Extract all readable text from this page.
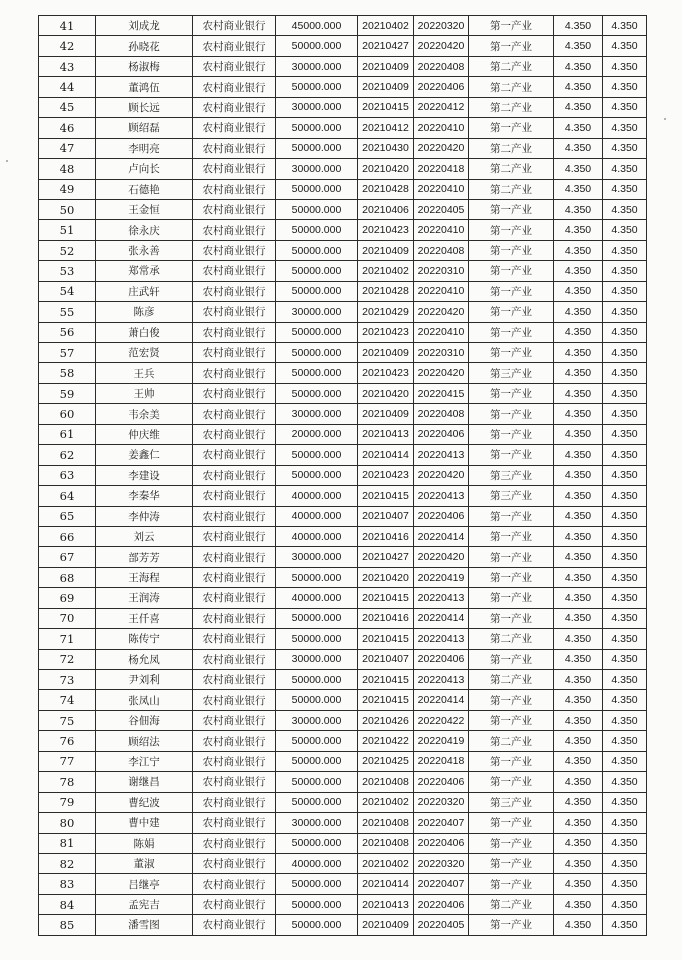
41	刘成龙	农村商业银行	45000.000	20210402	20220320	第一产业	4.350	4.350
42	孙晓花	农村商业银行	50000.000	20210427	20220420	第一产业	4.350	4.350
43	杨淑梅	农村商业银行	30000.000	20210409	20220408	第二产业	4.350	4.350
44	董鸿伍	农村商业银行	50000.000	20210409	20220406	第二产业	4.350	4.350
45	顾长远	农村商业银行	30000.000	20210415	20220412	第二产业	4.350	4.350
46	顾绍磊	农村商业银行	50000.000	20210412	20220410	第一产业	4.350	4.350
47	李明亮	农村商业银行	50000.000	20210430	20220420	第二产业	4.350	4.350
48	卢向长	农村商业银行	30000.000	20210420	20220418	第二产业	4.350	4.350
49	石德艳	农村商业银行	50000.000	20210428	20220410	第二产业	4.350	4.350
50	王金恒	农村商业银行	50000.000	20210406	20220405	第一产业	4.350	4.350
51	徐永庆	农村商业银行	50000.000	20210423	20220410	第一产业	4.350	4.350
52	张永善	农村商业银行	50000.000	20210409	20220408	第一产业	4.350	4.350
53	郑常承	农村商业银行	50000.000	20210402	20220310	第一产业	4.350	4.350
54	庄武轩	农村商业银行	50000.000	20210428	20220410	第一产业	4.350	4.350
55	陈彦	农村商业银行	30000.000	20210429	20220420	第一产业	4.350	4.350
56	萧白俊	农村商业银行	50000.000	20210423	20220410	第一产业	4.350	4.350
57	范宏贤	农村商业银行	50000.000	20210409	20220310	第一产业	4.350	4.350
58	王兵	农村商业银行	50000.000	20210423	20220420	第三产业	4.350	4.350
59	王帅	农村商业银行	50000.000	20210420	20220415	第一产业	4.350	4.350
60	韦余美	农村商业银行	30000.000	20210409	20220408	第一产业	4.350	4.350
61	仲庆维	农村商业银行	20000.000	20210413	20220406	第一产业	4.350	4.350
62	姜鑫仁	农村商业银行	50000.000	20210414	20220413	第一产业	4.350	4.350
63	李建设	农村商业银行	50000.000	20210423	20220420	第三产业	4.350	4.350
64	李秦华	农村商业银行	40000.000	20210415	20220413	第三产业	4.350	4.350
65	李仲涛	农村商业银行	40000.000	20210407	20220406	第一产业	4.350	4.350
66	刘云	农村商业银行	40000.000	20210416	20220414	第一产业	4.350	4.350
67	部芳芳	农村商业银行	30000.000	20210427	20220420	第一产业	4.350	4.350
68	王海程	农村商业银行	50000.000	20210420	20220419	第一产业	4.350	4.350
69	王润涛	农村商业银行	40000.000	20210415	20220413	第一产业	4.350	4.350
70	王仟喜	农村商业银行	50000.000	20210416	20220414	第一产业	4.350	4.350
71	陈传宁	农村商业银行	50000.000	20210415	20220413	第二产业	4.350	4.350
72	杨允凤	农村商业银行	30000.000	20210407	20220406	第一产业	4.350	4.350
73	尹刘利	农村商业银行	50000.000	20210415	20220413	第二产业	4.350	4.350
74	张凤山	农村商业银行	50000.000	20210415	20220414	第一产业	4.350	4.350
75	谷佃海	农村商业银行	30000.000	20210426	20220422	第一产业	4.350	4.350
76	顾绍法	农村商业银行	50000.000	20210422	20220419	第二产业	4.350	4.350
77	李江宁	农村商业银行	50000.000	20210425	20220418	第一产业	4.350	4.350
78	谢继昌	农村商业银行	50000.000	20210408	20220406	第一产业	4.350	4.350
79	曹纪波	农村商业银行	50000.000	20210402	20220320	第三产业	4.350	4.350
80	曹中建	农村商业银行	30000.000	20210408	20220407	第一产业	4.350	4.350
81	陈娟	农村商业银行	50000.000	20210408	20220406	第一产业	4.350	4.350
82	董淑	农村商业银行	40000.000	20210402	20220320	第一产业	4.350	4.350
83	吕继亭	农村商业银行	50000.000	20210414	20220407	第一产业	4.350	4.350
84	孟宪吉	农村商业银行	50000.000	20210413	20220406	第二产业	4.350	4.350
85	潘雪图	农村商业银行	50000.000	20210409	20220405	第一产业	4.350	4.350
